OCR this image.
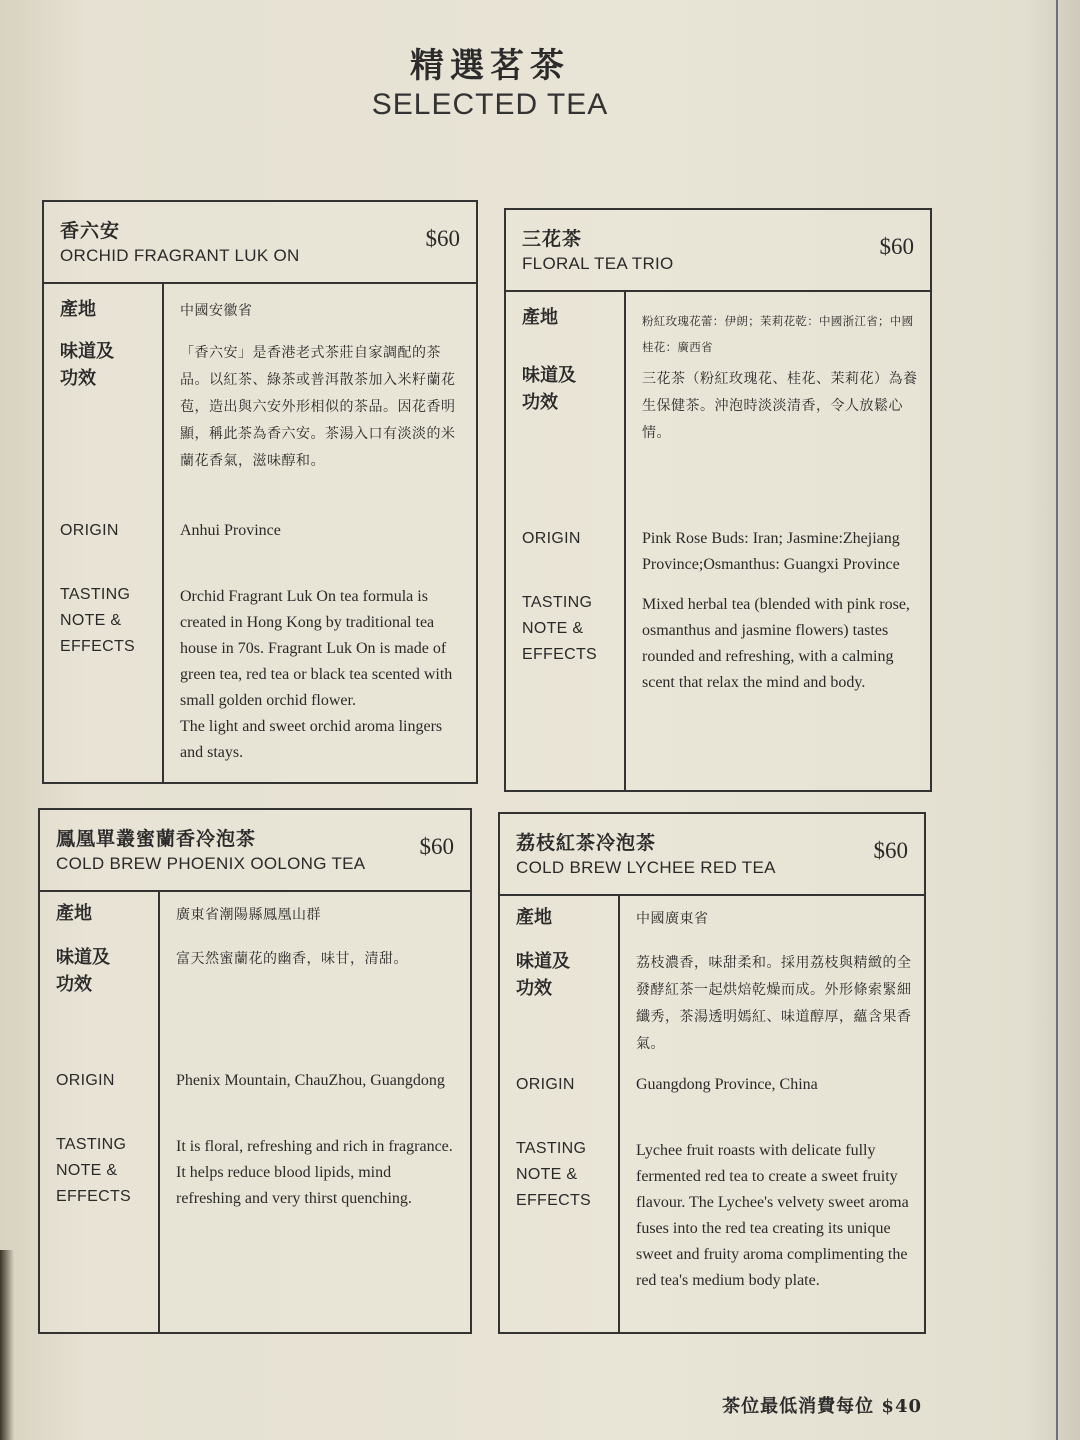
精選茗茶
SELECTED TEA
香六安
ORCHID FRAGRANT LUK ON
$60
產地
味道及
功效
中國安徽省
「香六安」是香港老式茶莊自家調配的茶品。以紅茶、綠茶或普洱散茶加入米籽蘭花苞，造出與六安外形相似的茶品。因花香明顯，稱此茶為香六安。茶湯入口有淡淡的米蘭花香氣，滋味醇和。
ORIGIN
TASTING
NOTE &
EFFECTS
Anhui Province
Orchid Fragrant Luk On tea formula is created in Hong Kong by traditional tea house in 70s. Fragrant Luk On is made of green tea, red tea or black tea scented with small golden orchid flower.
The light and sweet orchid aroma lingers and stays.
三花茶
FLORAL TEA TRIO
$60
產地
味道及
功效
粉紅玫瑰花蕾：伊朗；茉莉花乾：中國浙江省；中國桂花：廣西省
三花茶（粉紅玫瑰花、桂花、茉莉花）為養生保健茶。沖泡時淡淡清香，令人放鬆心情。
ORIGIN
TASTING
NOTE &
EFFECTS
Pink Rose Buds: Iran; Jasmine:Zhejiang Province;Osmanthus: Guangxi Province
Mixed herbal tea (blended with pink rose, osmanthus and jasmine flowers) tastes rounded and refreshing, with a calming scent that relax the mind and body.
鳳凰單叢蜜蘭香冷泡茶
COLD BREW PHOENIX OOLONG TEA
$60
產地
味道及
功效
廣東省潮陽縣鳳凰山群
富天然蜜蘭花的幽香，味甘，清甜。
ORIGIN
TASTING
NOTE &
EFFECTS
Phenix Mountain, ChauZhou, Guangdong
It is floral, refreshing and rich in fragrance. It helps reduce blood lipids, mind refreshing and very thirst quenching.
荔枝紅茶冷泡茶
COLD BREW LYCHEE RED TEA
$60
產地
味道及
功效
中國廣東省
荔枝濃香，味甜柔和。採用荔枝與精緻的全發酵紅茶一起烘焙乾燥而成。外形條索緊細纖秀，茶湯透明嫣紅、味道醇厚，蘊含果香氣。
ORIGIN
TASTING
NOTE &
EFFECTS
Guangdong Province, China
Lychee fruit roasts with delicate fully fermented red tea to create a sweet fruity flavour. The Lychee's velvety sweet aroma fuses into the red tea creating its unique sweet and fruity aroma complimenting the red tea's medium body plate.
茶位最低消費每位 $40
